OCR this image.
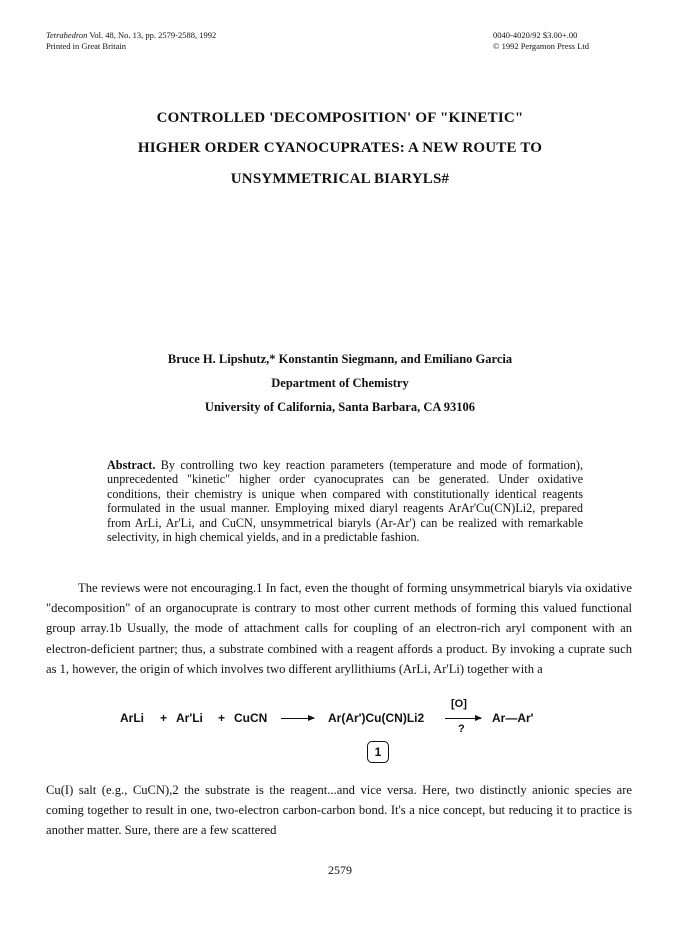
Tetrahedron Vol. 48, No. 13, pp. 2579-2588, 1992
Printed in Great Britain
0040-4020/92 $3.00+.00
© 1992 Pergamon Press Ltd
CONTROLLED 'DECOMPOSITION' OF "KINETIC"
HIGHER ORDER CYANOCUPRATES: A NEW ROUTE TO
UNSYMMETRICAL BIARYLS#
Bruce H. Lipshutz,* Konstantin Siegmann, and Emiliano Garcia
Department of Chemistry
University of California, Santa Barbara, CA 93106
Abstract. By controlling two key reaction parameters (temperature and mode of formation), unprecedented "kinetic" higher order cyanocuprates can be generated. Under oxidative conditions, their chemistry is unique when compared with constitutionally identical reagents formulated in the usual manner. Employing mixed diaryl reagents ArAr'Cu(CN)Li2, prepared from ArLi, Ar'Li, and CuCN, unsymmetrical biaryls (Ar-Ar') can be realized with remarkable selectivity, in high chemical yields, and in a predictable fashion.
The reviews were not encouraging.1 In fact, even the thought of forming unsymmetrical biaryls via oxidative "decomposition" of an organocuprate is contrary to most other current methods of forming this valued functional group array.1b Usually, the mode of attachment calls for coupling of an electron-rich aryl component with an electron-deficient partner; thus, a substrate combined with a reagent affords a product. By invoking a cuprate such as 1, however, the origin of which involves two different aryllithiums (ArLi, Ar'Li) together with a
ArLi + Ar'Li + CuCN → Ar(Ar')Cu(CN)Li2
[O]
?
Ar—Ar'
1
Cu(I) salt (e.g., CuCN),2 the substrate is the reagent...and vice versa. Here, two distinctly anionic species are coming together to result in one, two-electron carbon-carbon bond. It's a nice concept, but reducing it to practice is another matter. Sure, there are a few scattered
2579
